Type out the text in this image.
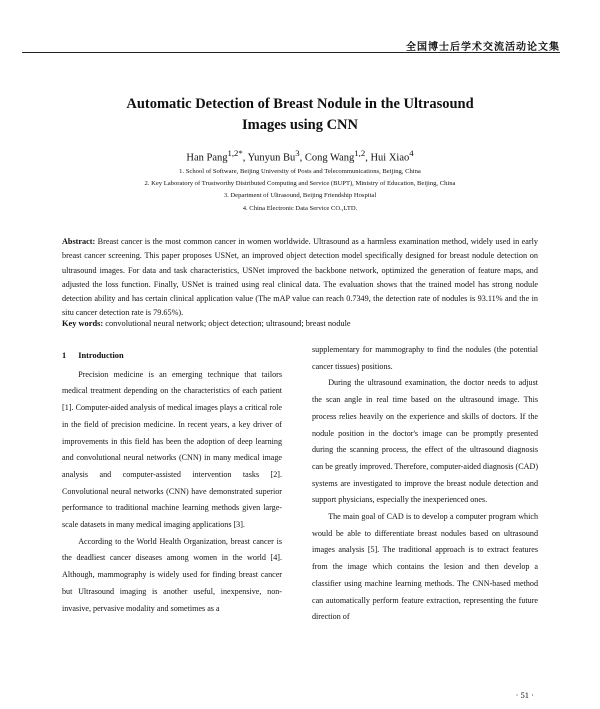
全国博士后学术交流活动论文集
Automatic Detection of Breast Nodule in the Ultrasound
Images using CNN
Han Pang$^{1,2*}$, Yunyun Bu$^3$, Cong Wang$^{1,2}$, Hui Xiao$^4$
1. School of Software, Beijing University of Posts and Telecommunications, Beijing, China
2. Key Laboratory of Trustworthy Distributed Computing and Service (BUPT), Ministry of Education, Beijing, China
3. Department of Ultrasound, Beijing Friendship Hospital
4. China Electronic Data Service CO.,LTD.
Abstract: Breast cancer is the most common cancer in women worldwide. Ultrasound as a harmless examination method, widely used in early breast cancer screening. This paper proposes USNet, an improved object detection model specifically designed for breast nodule detection on ultrasound images. For data and task characteristics, USNet improved the backbone network, optimized the generation of feature maps, and adjusted the loss function. Finally, USNet is trained using real clinical data. The evaluation shows that the trained model has strong nodule detection ability and has certain clinical application value (The mAP value can reach 0.7349, the detection rate of nodules is 93.11% and the in situ cancer detection rate is 79.65%).
Key words: convolutional neural network; object detection; ultrasound; breast nodule
1 Introduction

Precision medicine is an emerging technique that tailors medical treatment depending on the characteristics of each patient [1]. Computer-aided analysis of medical images plays a critical role in the field of precision medicine. In recent years, a key driver of improvements in this field has been the adoption of deep learning and convolutional neural networks (CNN) in many medical image analysis and computer-assisted intervention tasks [2]. Convolutional neural networks (CNN) have demonstrated superior performance to traditional machine learning methods given large-scale datasets in many medical imaging applications [3].

According to the World Health Organization, breast cancer is the deadliest cancer diseases among women in the world [4]. Although, mammography is widely used for finding breast cancer but Ultrasound imaging is another useful, inexpensive, non-invasive, pervasive modality and sometimes as a

supplementary for mammography to find the nodules (the potential cancer tissues) positions.

During the ultrasound examination, the doctor needs to adjust the scan angle in real time based on the ultrasound image. This process relies heavily on the experience and skills of doctors. If the nodule position in the doctor's image can be promptly presented during the scanning process, the effect of the ultrasound diagnosis can be greatly improved. Therefore, computer-aided diagnosis (CAD) systems are investigated to improve the breast nodule detection and support physicians, especially the inexperienced ones.

The main goal of CAD is to develop a computer program which would be able to differentiate breast nodules based on ultrasound images analysis [5]. The traditional approach is to extract features from the image which contains the lesion and then develop a classifier using machine learning methods. The CNN-based method can automatically perform feature extraction, representing the future direction of

· 51 ·
